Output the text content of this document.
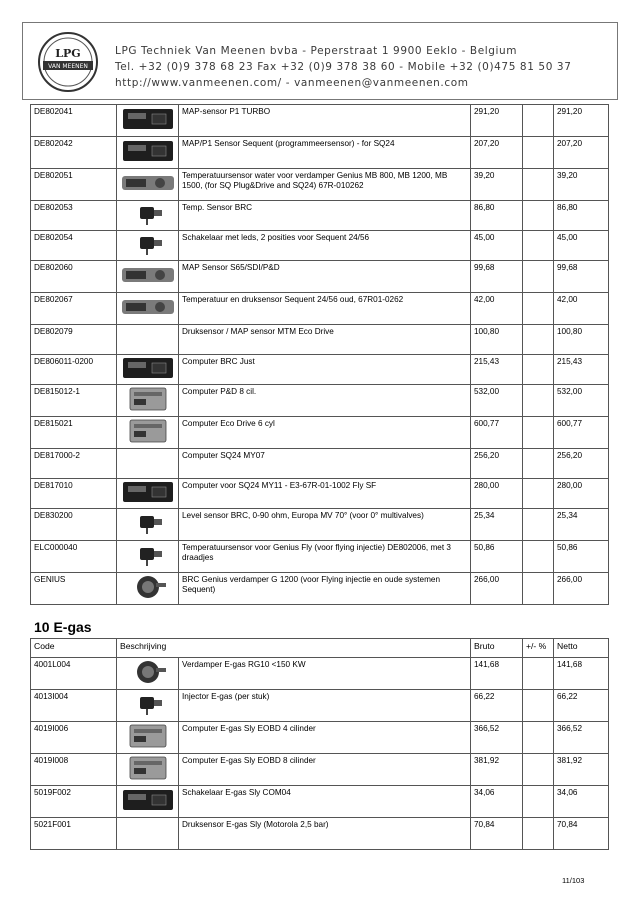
LPG
VAN MEENEN
LPG Techniek Van Meenen bvba - Peperstraat 1 9900 Eeklo - Belgium
Tel. +32 (0)9 378 68 23 Fax +32 (0)9 378 38 60 - Mobile +32 (0)475 81 50 37
http://www.vanmeenen.com/ - vanmeenen@vanmeenen.com
DE802041		MAP-sensor P1 TURBO	291,20		291,20
DE802042		MAP/P1 Sensor Sequent (programmeersensor) - for SQ24	207,20		207,20
DE802051		Temperatuursensor water voor verdamper Genius MB 800, MB 1200, MB 1500, (for SQ Plug&Drive and SQ24) 67R-010262	39,20		39,20
DE802053		Temp. Sensor BRC	86,80		86,80
DE802054		Schakelaar met leds, 2 posities voor Sequent 24/56	45,00		45,00
DE802060		MAP Sensor S65/SDI/P&D	99,68		99,68
DE802067		Temperatuur en druksensor Sequent 24/56 oud, 67R01-0262	42,00		42,00
DE802079		Druksensor / MAP sensor MTM Eco Drive	100,80		100,80
DE806011-0200		Computer BRC Just	215,43		215,43
DE815012-1		Computer P&D 8 cil.	532,00		532,00
DE815021		Computer Eco Drive 6 cyl	600,77		600,77
DE817000-2		Computer SQ24 MY07	256,20		256,20
DE817010		Computer voor SQ24 MY11 - E3-67R-01-1002 Fly SF	280,00		280,00
DE830200		Level sensor BRC, 0-90 ohm, Europa MV 70° (voor 0° multivalves)	25,34		25,34
ELC000040		Temperatuursensor voor Genius Fly (voor flying injectie) DE802006, met 3 draadjes	50,86		50,86
GENIUS		BRC Genius verdamper G 1200 (voor Flying injectie en oude systemen Sequent)	266,00		266,00
10 E-gas
Code	Beschrijving		Bruto	+/- %	Netto
4001L004		Verdamper E-gas RG10 <150 KW	141,68		141,68
4013I004		Injector E-gas (per stuk)	66,22		66,22
4019I006		Computer E-gas Sly EOBD 4 cilinder	366,52		366,52
4019I008		Computer E-gas Sly EOBD 8 cilinder	381,92		381,92
5019F002		Schakelaar E-gas Sly COM04	34,06		34,06
5021F001		Druksensor E-gas Sly (Motorola 2,5 bar)	70,84		70,84
11/103
